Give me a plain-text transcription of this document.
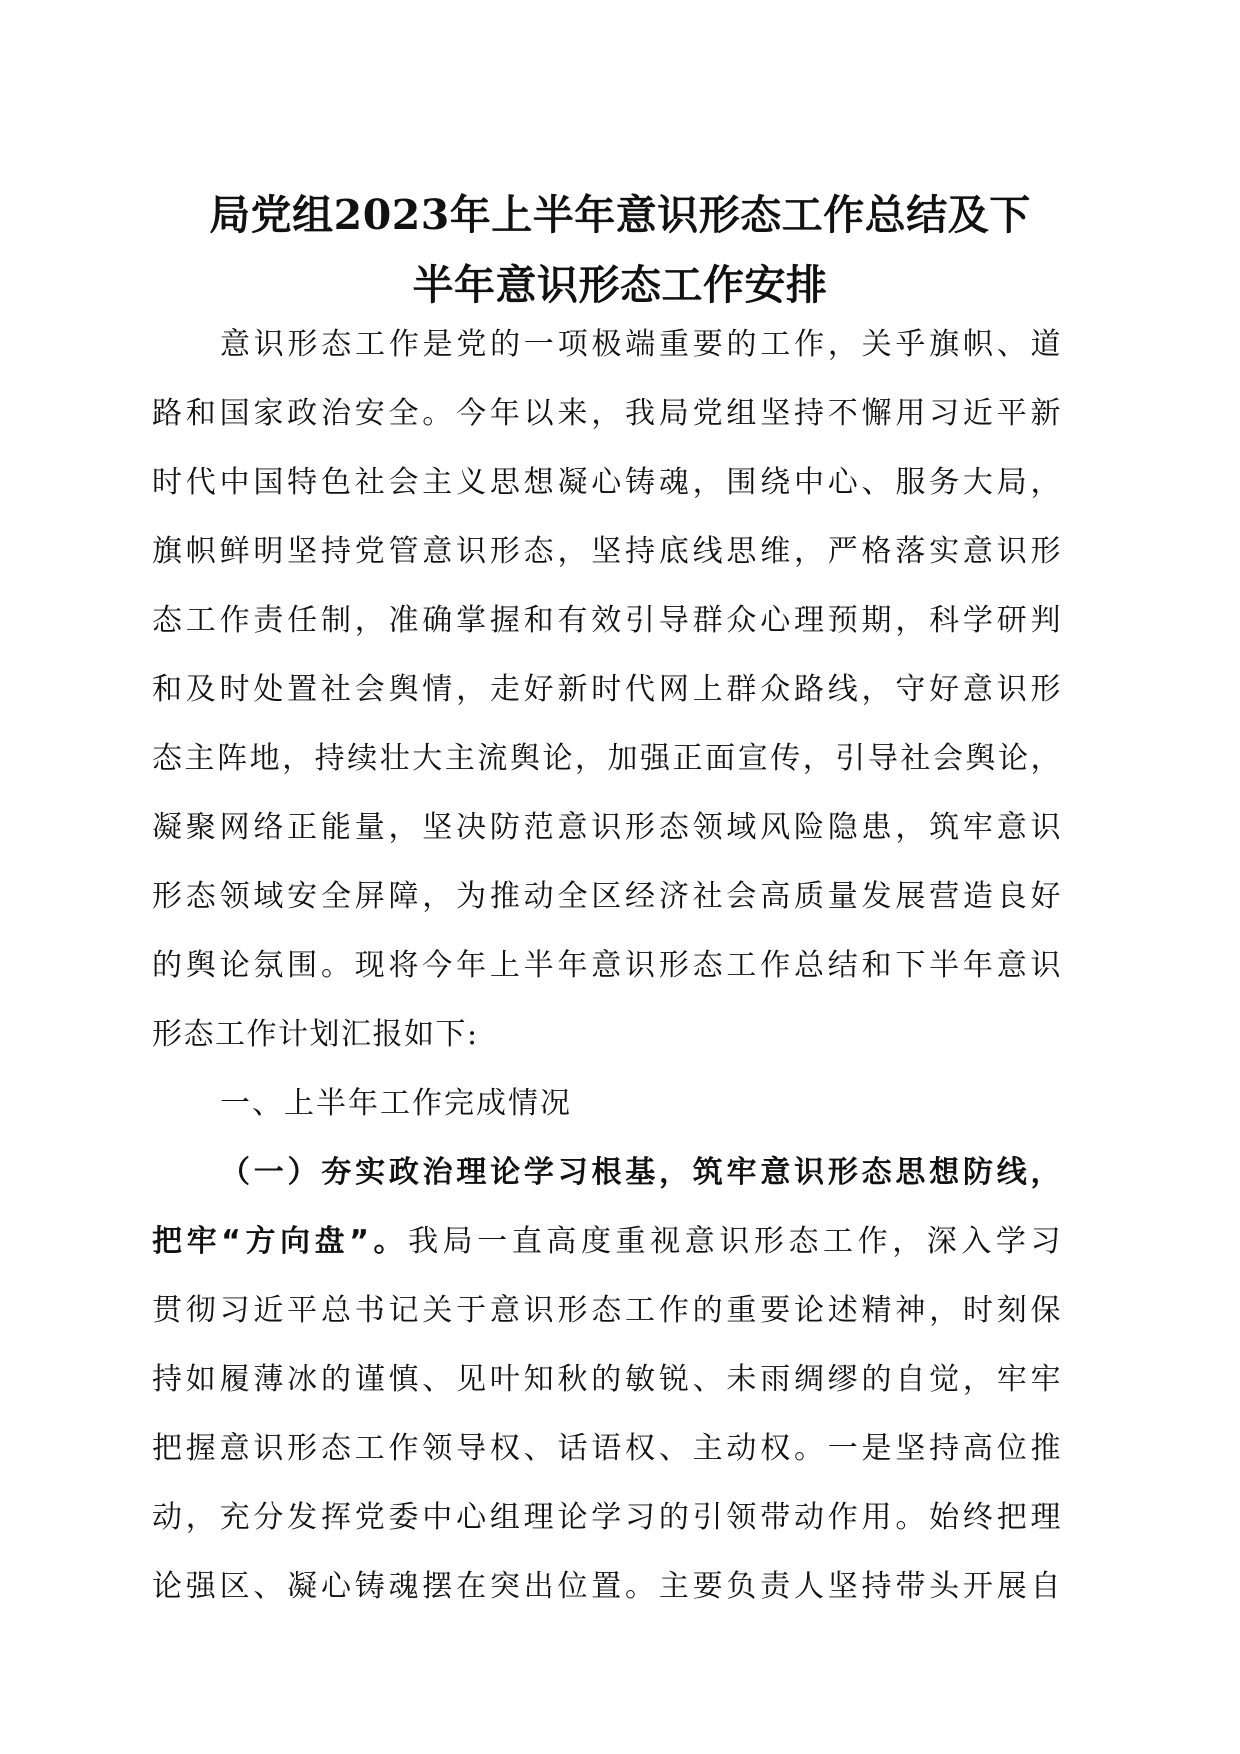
局党组2023年上半年意识形态工作总结及下
半年意识形态工作安排
意识形态工作是党的一项极端重要的工作，关乎旗帜、道
路和国家政治安全。今年以来，我局党组坚持不懈用习近平新
时代中国特色社会主义思想凝心铸魂，围绕中心、服务大局，
旗帜鲜明坚持党管意识形态，坚持底线思维，严格落实意识形
态工作责任制，准确掌握和有效引导群众心理预期，科学研判
和及时处置社会舆情，走好新时代网上群众路线，守好意识形
态主阵地，持续壮大主流舆论，加强正面宣传，引导社会舆论，
凝聚网络正能量，坚决防范意识形态领域风险隐患，筑牢意识
形态领域安全屏障，为推动全区经济社会高质量发展营造良好
的舆论氛围。现将今年上半年意识形态工作总结和下半年意识
形态工作计划汇报如下:
一、上半年工作完成情况
（一）夯实政治理论学习根基，筑牢意识形态思想防线，
把牢“方向盘”。我局一直高度重视意识形态工作，深入学习
贯彻习近平总书记关于意识形态工作的重要论述精神，时刻保
持如履薄冰的谨慎、见叶知秋的敏锐、未雨绸缪的自觉，牢牢
把握意识形态工作领导权、话语权、主动权。一是坚持高位推
动，充分发挥党委中心组理论学习的引领带动作用。始终把理
论强区、凝心铸魂摆在突出位置。主要负责人坚持带头开展自
